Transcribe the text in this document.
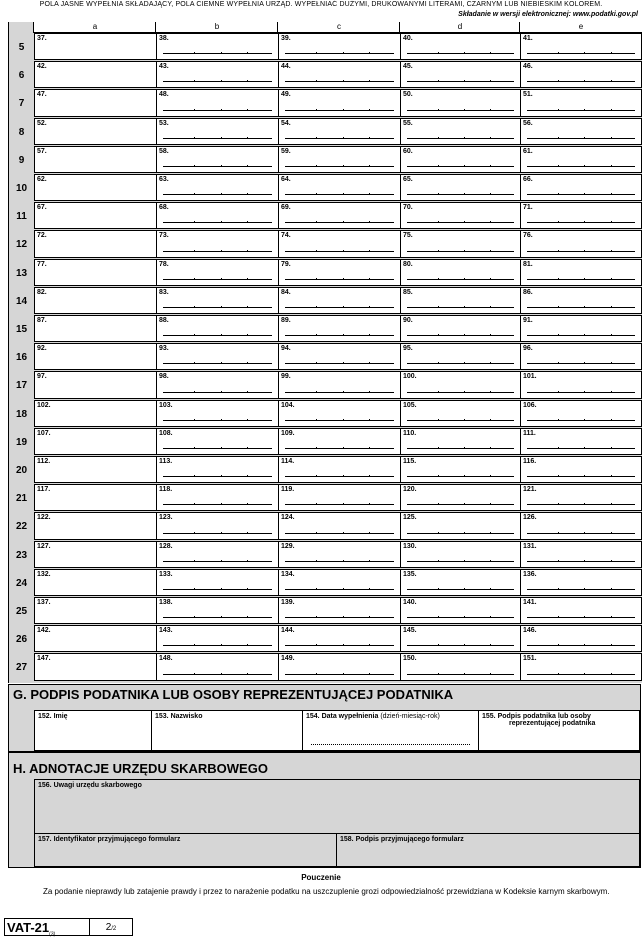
POLA JASNE WYPEŁNIA SKŁADAJĄCY, POLA CIEMNE WYPEŁNIA URZĄD. WYPEŁNIAĆ DUŻYMI, DRUKOWANYMI LITERAMI, CZARNYM LUB NIEBIESKIM KOLOREM.
Składanie w wersji elektronicznej: www.podatki.gov.pl
a	b	c	d	e
5
37.	38.	39.	40.	41.
6
42.	43.	44.	45.	46.
7
47.	48.	49.	50.	51.
8
52.	53.	54.	55.	56.
9
57.	58.	59.	60.	61.
10
62.	63.	64.	65.	66.
11
67.	68.	69.	70.	71.
12
72.	73.	74.	75.	76.
13
77.	78.	79.	80.	81.
14
82.	83.	84.	85.	86.
15
87.	88.	89.	90.	91.
16
92.	93.	94.	95.	96.
17
97.	98.	99.	100.	101.
18
102.	103.	104.	105.	106.
19
107.	108.	109.	110.	111.
20
112.	113.	114.	115.	116.
21
117.	118.	119.	120.	121.
22
122.	123.	124.	125.	126.
23
127.	128.	129.	130.	131.
24
132.	133.	134.	135.	136.
25
137.	138.	139.	140.	141.
26
142.	143.	144.	145.	146.
27
147.	148.	149.	150.	151.
G. PODPIS PODATNIKA LUB OSOBY REPREZENTUJĄCEJ PODATNIKA
152. Imię	153. Nazwisko	154. Data wypełnienia (dzień-miesiąc-rok)	155. Podpis podatnika lub osoby
reprezentującej podatnika
H. ADNOTACJE URZĘDU SKARBOWEGO
156. Uwagi urzędu skarbowego
157. Identyfikator przyjmującego formularz	158. Podpis przyjmującego formularz
Pouczenie
Za podanie nieprawdy lub zatajenie prawdy i przez to narażenie podatku na uszczuplenie grozi odpowiedzialność przewidziana w Kodeksie karnym skarbowym.
VAT-$21_{(3)}$
2/2
